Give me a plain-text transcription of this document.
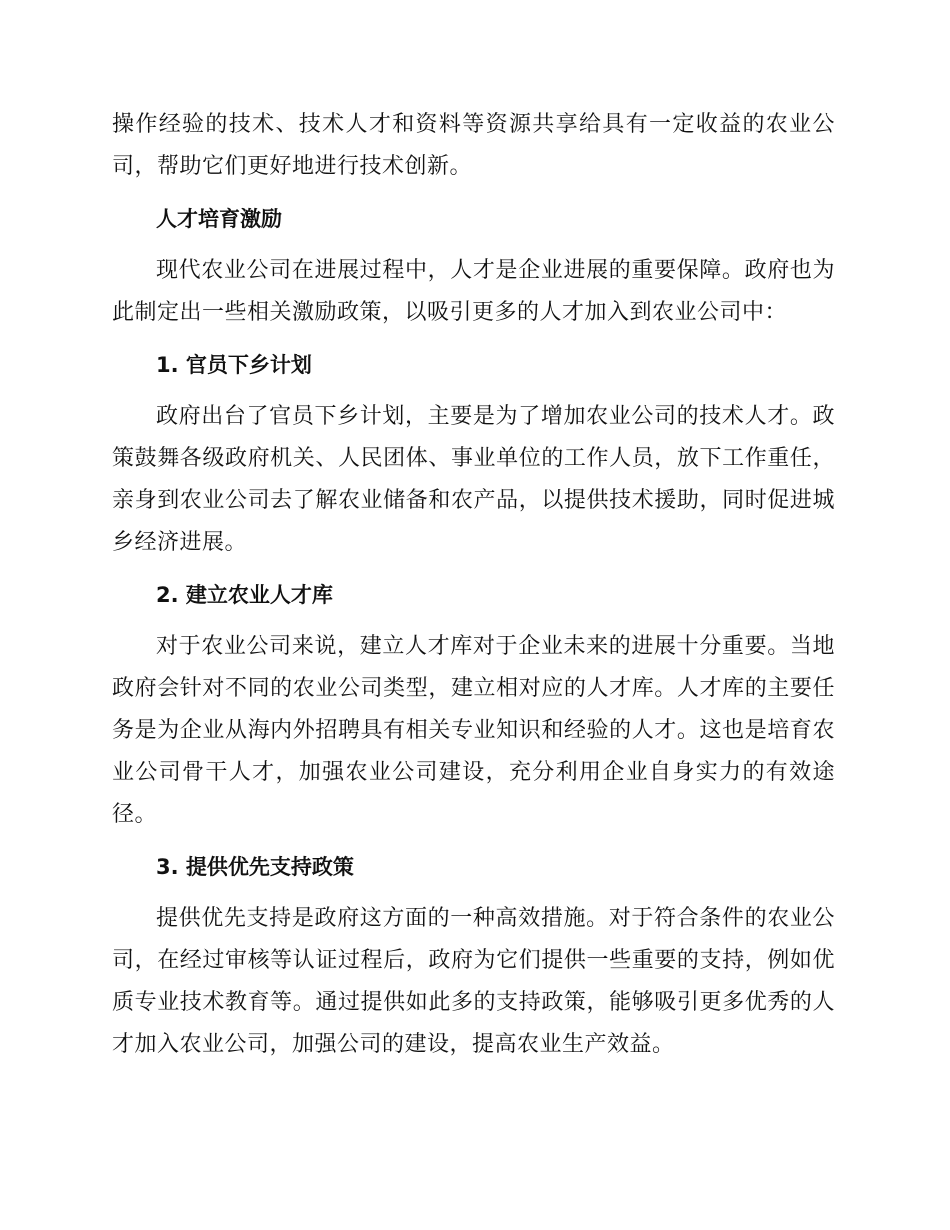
操作经验的技术、技术人才和资料等资源共享给具有一定收益的农业公司，帮助它们更好地进行技术创新。

人才培育激励

现代农业公司在进展过程中，人才是企业进展的重要保障。政府也为此制定出一些相关激励政策，以吸引更多的人才加入到农业公司中：

1. 官员下乡计划

政府出台了官员下乡计划，主要是为了增加农业公司的技术人才。政策鼓舞各级政府机关、人民团体、事业单位的工作人员，放下工作重任，亲身到农业公司去了解农业储备和农产品，以提供技术援助，同时促进城乡经济进展。

2. 建立农业人才库

对于农业公司来说，建立人才库对于企业未来的进展十分重要。当地政府会针对不同的农业公司类型，建立相对应的人才库。人才库的主要任务是为企业从海内外招聘具有相关专业知识和经验的人才。这也是培育农业公司骨干人才，加强农业公司建设，充分利用企业自身实力的有效途径。

3. 提供优先支持政策

提供优先支持是政府这方面的一种高效措施。对于符合条件的农业公司，在经过审核等认证过程后，政府为它们提供一些重要的支持，例如优质专业技术教育等。通过提供如此多的支持政策，能够吸引更多优秀的人才加入农业公司，加强公司的建设，提高农业生产效益。
